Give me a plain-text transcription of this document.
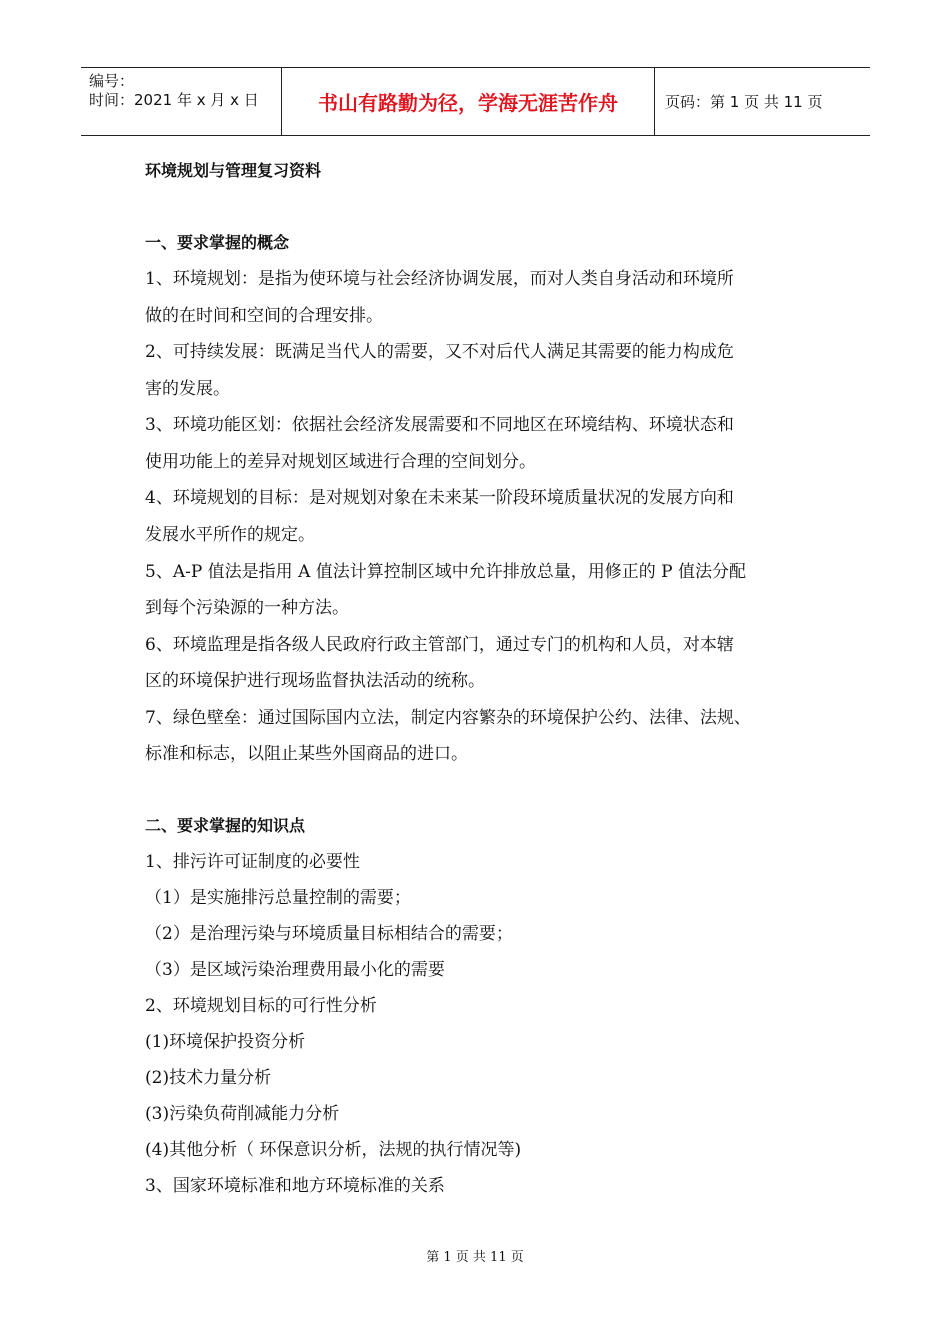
编号：
时间：2021 年 x 月 x 日	书山有路勤为径，学海无涯苦作舟	页码：第 1 页 共 11 页
环境规划与管理复习资料
一、要求掌握的概念
1、环境规划：是指为使环境与社会经济协调发展，而对人类自身活动和环境所
做的在时间和空间的合理安排。
2、可持续发展：既满足当代人的需要，又不对后代人满足其需要的能力构成危
害的发展。
3、环境功能区划：依据社会经济发展需要和不同地区在环境结构、环境状态和
使用功能上的差异对规划区域进行合理的空间划分。
4、环境规划的目标：是对规划对象在未来某一阶段环境质量状况的发展方向和
发展水平所作的规定。
5、A-P 值法是指用 A 值法计算控制区域中允许排放总量，用修正的 P 值法分配
到每个污染源的一种方法。
6、环境监理是指各级人民政府行政主管部门，通过专门的机构和人员，对本辖
区的环境保护进行现场监督执法活动的统称。
7、绿色壁垒：通过国际国内立法，制定内容繁杂的环境保护公约、法律、法规、
标准和标志，以阻止某些外国商品的进口。
二、要求掌握的知识点
1、排污许可证制度的必要性
（1）是实施排污总量控制的需要；
（2）是治理污染与环境质量目标相结合的需要；
（3）是区域污染治理费用最小化的需要
2、环境规划目标的可行性分析
(1)环境保护投资分析
(2)技术力量分析
(3)污染负荷削减能力分析
(4)其他分析（ 环保意识分析，法规的执行情况等)
3、国家环境标准和地方环境标准的关系
第 1 页 共 11 页
